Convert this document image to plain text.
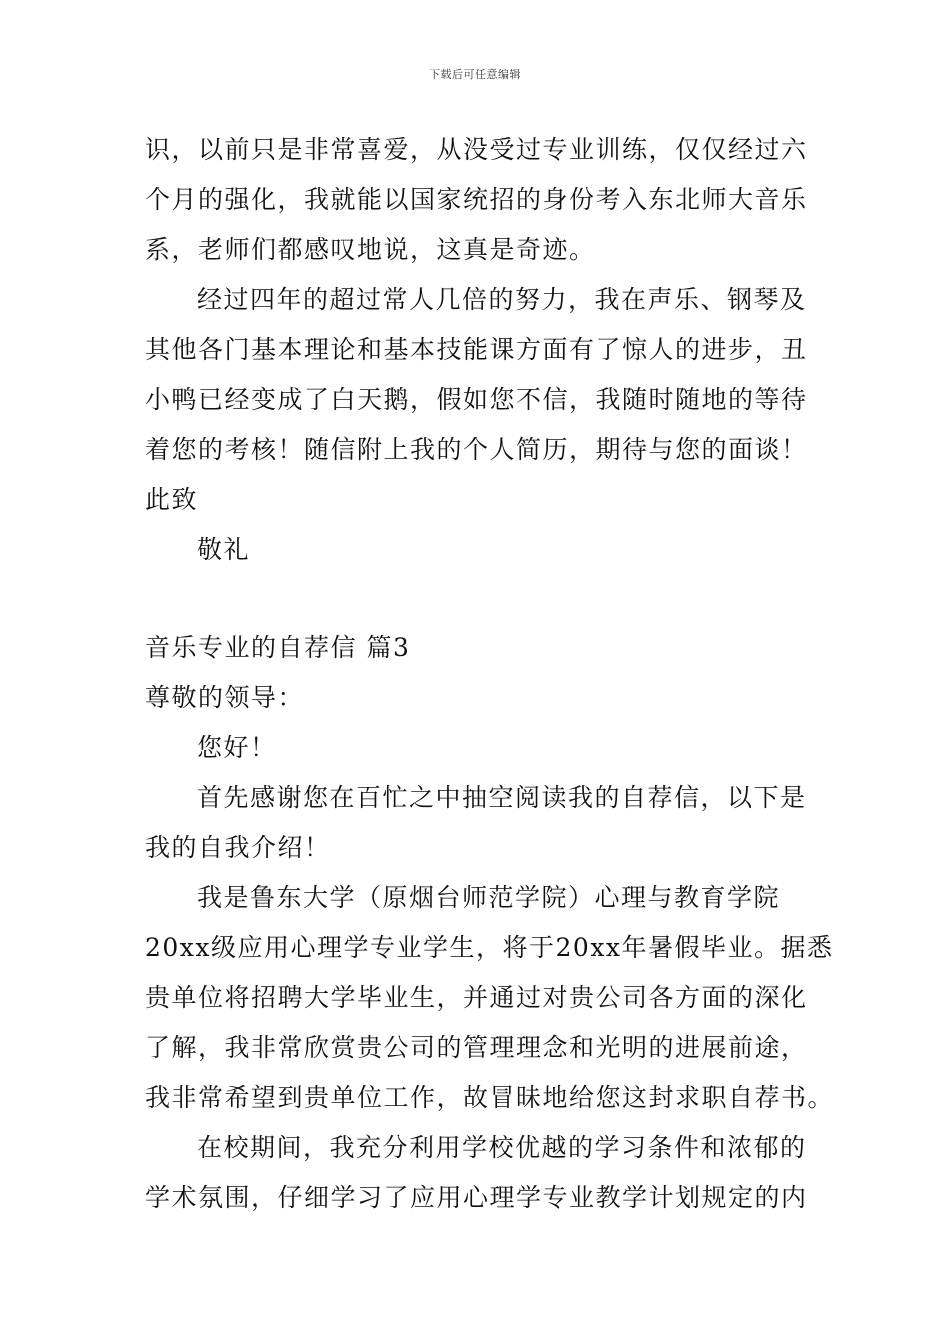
下载后可任意编辑
识，以前只是非常喜爱，从没受过专业训练，仅仅经过六
个月的强化，我就能以国家统招的身份考入东北师大音乐
系，老师们都感叹地说，这真是奇迹。
经过四年的超过常人几倍的努力，我在声乐、钢琴及
其他各门基本理论和基本技能课方面有了惊人的进步，丑
小鸭已经变成了白天鹅，假如您不信，我随时随地的等待
着您的考核！随信附上我的个人简历，期待与您的面谈！
此致
敬礼
音乐专业的自荐信 篇3
尊敬的领导：
您好！
首先感谢您在百忙之中抽空阅读我的自荐信，以下是
我的自我介绍！
我是鲁东大学（原烟台师范学院）心理与教育学院
20xx级应用心理学专业学生，将于20xx年暑假毕业。据悉
贵单位将招聘大学毕业生，并通过对贵公司各方面的深化
了解，我非常欣赏贵公司的管理理念和光明的进展前途，
我非常希望到贵单位工作，故冒昧地给您这封求职自荐书。
在校期间，我充分利用学校优越的学习条件和浓郁的
学术氛围，仔细学习了应用心理学专业教学计划规定的内
